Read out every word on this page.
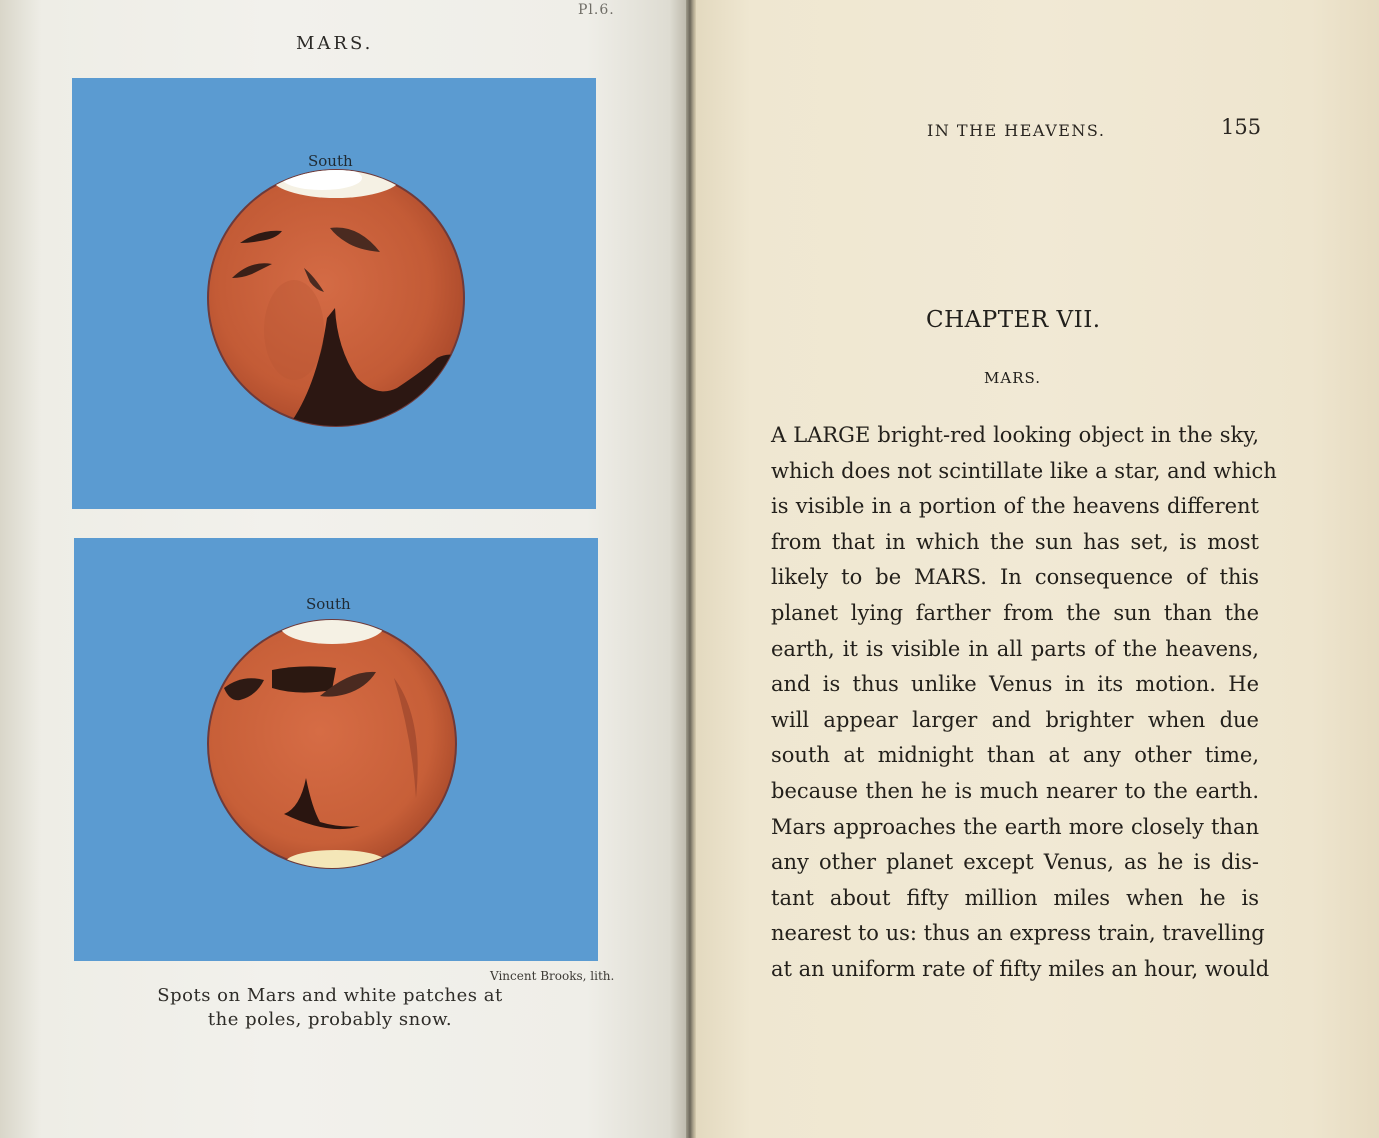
Pl.6.
MARS.
South
South
Vincent Brooks, lith.
Spots on Mars and white patches at
the poles, probably snow.
IN THE HEAVENS.	155
CHAPTER VII.
MARS.
A LARGE bright-red looking object in the sky,
which does not scintillate like a star, and which
is visible in a portion of the heavens different
from that in which the sun has set, is most
likely to be MARS. In consequence of this
planet lying farther from the sun than the
earth, it is visible in all parts of the heavens,
and is thus unlike Venus in its motion. He
will appear larger and brighter when due
south at midnight than at any other time,
because then he is much nearer to the earth.
Mars approaches the earth more closely than
any other planet except Venus, as he is dis-
tant about fifty million miles when he is
nearest to us: thus an express train, travelling
at an uniform rate of fifty miles an hour, would
